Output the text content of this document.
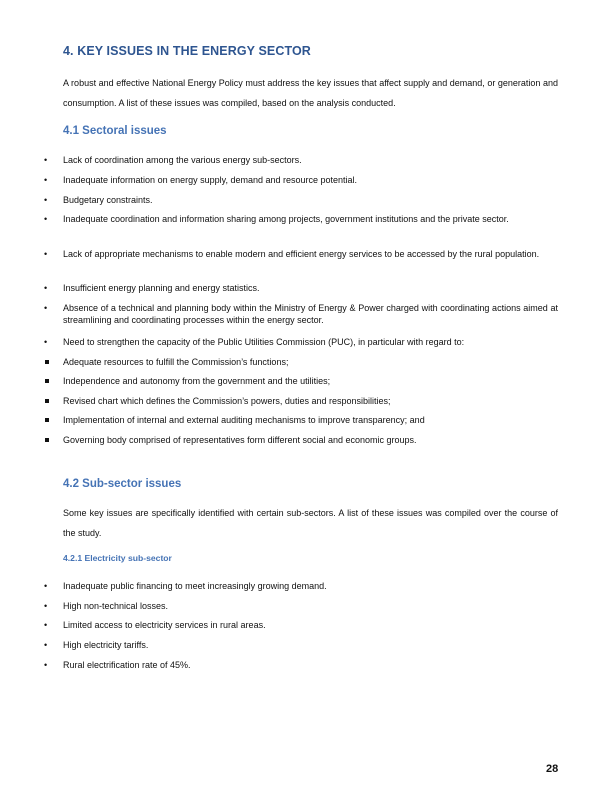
4. KEY ISSUES IN THE ENERGY SECTOR

A robust and effective National Energy Policy must address the key issues that affect supply and demand, or generation and consumption. A list of these issues was compiled, based on the analysis conducted.

4.1 Sectoral issues
•	Lack of coordination among the various energy sub-sectors.
•	Inadequate information on energy supply, demand and resource potential.
•	Budgetary constraints.
•	Inadequate coordination and information sharing among projects, government institutions and the private sector.
•	Lack of appropriate mechanisms to enable modern and efficient energy services to be accessed by the rural population.
•	Insufficient energy planning and energy statistics.
•	Absence of a technical and planning body within the Ministry of Energy & Power charged with coordinating actions aimed at streamlining and coordinating processes within the energy sector.
•	Need to strengthen the capacity of the Public Utilities Commission (PUC), in particular with regard to:
Adequate resources to fulfill the Commission’s functions;
Independence and autonomy from the government and the utilities;
Revised chart which defines the Commission’s powers, duties and responsibilities;
Implementation of internal and external auditing mechanisms to improve transparency; and
Governing body comprised of representatives form different social and economic groups.
4.2 Sub-sector issues

Some key issues are specifically identified with certain sub-sectors. A list of these issues was compiled over the course of the study.

4.2.1 Electricity sub-sector
•	Inadequate public financing to meet increasingly growing demand.
•	High non-technical losses.
•	Limited access to electricity services in rural areas.
•	High electricity tariffs.
•	Rural electrification rate of 45%.
28
